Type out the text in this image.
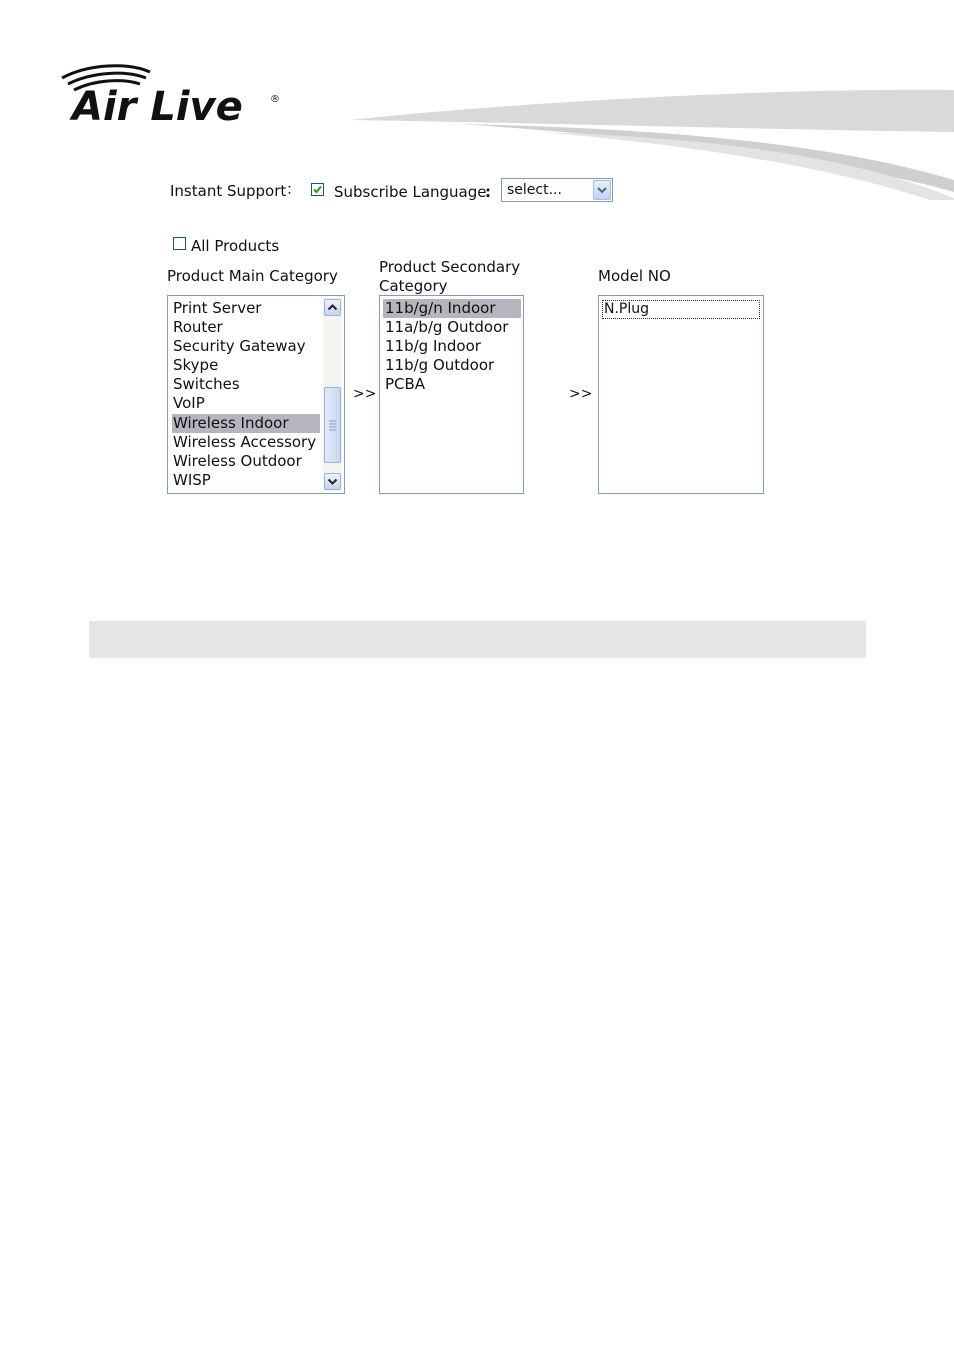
Air Live	®
Instant Support ： Subscribe Language
: select...
All Products
Product Main Category	Product Secondary
Category
Model NO
Print Server
Router
Security Gateway
Skype
Switches
VoIP
Wireless Indoor
Wireless Accessory
Wireless Outdoor
WISP
>>
11b/g/n Indoor
11a/b/g Outdoor
11b/g Indoor
11b/g Outdoor
PCBA
>>
N.Plug
